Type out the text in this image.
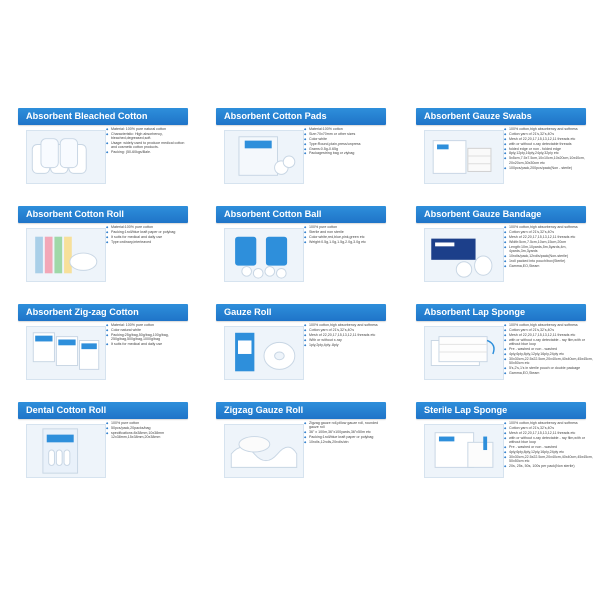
Absorbent Bleached Cotton
◆ Material: 100% pure natural cotton
◆ Characteristic: High absorbency, bleached,degreased,soft.
◆ Usage: widely used to produce medical cotton and cosmetic cotton products.
◆ Packing: (50-60kgs/Bale.
Absorbent Cotton Pads
◆ Material:100% cotton
◆ Size:70x70mm or other sizes
◆ Color:white
◆ Type:Round,plain,press/unpress
◆ Grams:0.5g-0.65g
◆ Packagestring bag or ziybag
Absorbent Gauze Swabs
◆ 100% cotton,high absorbency and softness
◆ Cotton yarn of 21's,32's,40's
◆ Mesh of 22,20,17,15,13,12,11 threads etc
◆ with or without x-ray detectable threads
◆ folded edge or non - folded edge
◆ 8ply,12ply,16ply,24ply,32ply etc
◆ 5x5cm,7.5x7.5cm,10x10cm,10x20cm,10x40cm, 20x20cm,30x30cm etc
◆ 100pcs/pack,200pcs/pack(Non - sterile)
Absorbent Cotton Roll
◆ Material:100% pure cotton
◆ Packing:1roll/blue kraft paper or polybag
◆ It suits for medical and daily use
◆ Type:ordinary,interleaved
Absorbent Cotton Ball
◆ 100% pure cotton
◆ Sterile and non sterile
◆ Color:white,red,blue,pink,green etc
◆ Weight:0.5g,1.0g,1.5g,2.0g,3.0g etc
Absorbent Gauze Bandage
◆ 100% cotton,high absorbency and softness
◆ Cotton yarn of 21's,32's,40's
◆ Mesh of 22,20,17,15,13,12,11 threads etc
◆ Width:5cm,7.5cm,10cm,15cm,20cm
◆ Length:10m,10yards,5m,5yards,4m, 4yards,3m,3yards
◆ 10rolls/pack,12rolls/pack(Non-sterile)
◆ 1roll packed into pouch/box(Sterile)
◆ Gamma,EO,Steam
Absorbent Zig-zag Cotton
◆ Material: 100% pure cotton
◆ Color:natural white
◆ Packing:25g/bag,50g/bag,100g/bag, 250g/bag,500g/bag,1000g/bag
◆ It suits for medical and daily use
Gauze Roll
◆ 100% cotton,high absorbency and softness
◆ Cotton yarn of 21's,32's,40's
◆ Mesh of 22,20,17,15,13,12,11 threads etc
◆ With or without x-ray
◆ 1ply,2ply,4ply..8ply
Absorbent Lap Sponge
◆ 100% cotton,high absorbency and softness
◆ Cotton yarn of 21's,32's,40's
◆ Mesh of 22,20,17,15,13,12,11 threads etc
◆ with or without x-ray detectable - ray film,with or without blue loop
◆ Pre - washed or non - washed
◆ 4ply,6ply,8ply,12ply,16ply,24ply etc
◆ 30x30cm,22.5x22.5cm,20x40cm,40x40cm,45x45cm, 50x50cm etc
◆ 5's,2's,1's in sterile pouch or double package
◆ Gamma,EO,Steam
Dental Cotton Roll
◆ 100% pure cotton
◆ 50pcs/pack,20packs/bag
◆ specifications:8x38mm,10x38mm 12x38mm,15x38mm,20x38mm
Zigzag Gauze Roll
◆ Zigzag gauze roll,pillow gauze roll, rounded gauze roll
◆ 36" x 100m,36"x100yards,36"x50m etc
◆ Packing:1roll/blue kraft paper or polybag
◆ 10rolls,12rolls,20rolls/ctn
Sterile Lap Sponge
◆ 100% cotton,high absorbency and softness
◆ Cotton yarn of 21's,32's,40's
◆ Mesh of 22,20,17,15,13,12,11 threads etc
◆ with or without x-ray detectable - ray film,with or without blue loop
◆ Pre - washed or non - washed
◆ 4ply,6ply,8ply,12ply,16ply,24ply etc
◆ 30x30cm,22.5x22.5cm,20x40cm,40x40cm,45x45cm, 50x50cm etc
◆ 20s, 25s, 50s, 100s per pack(Non sterile)
